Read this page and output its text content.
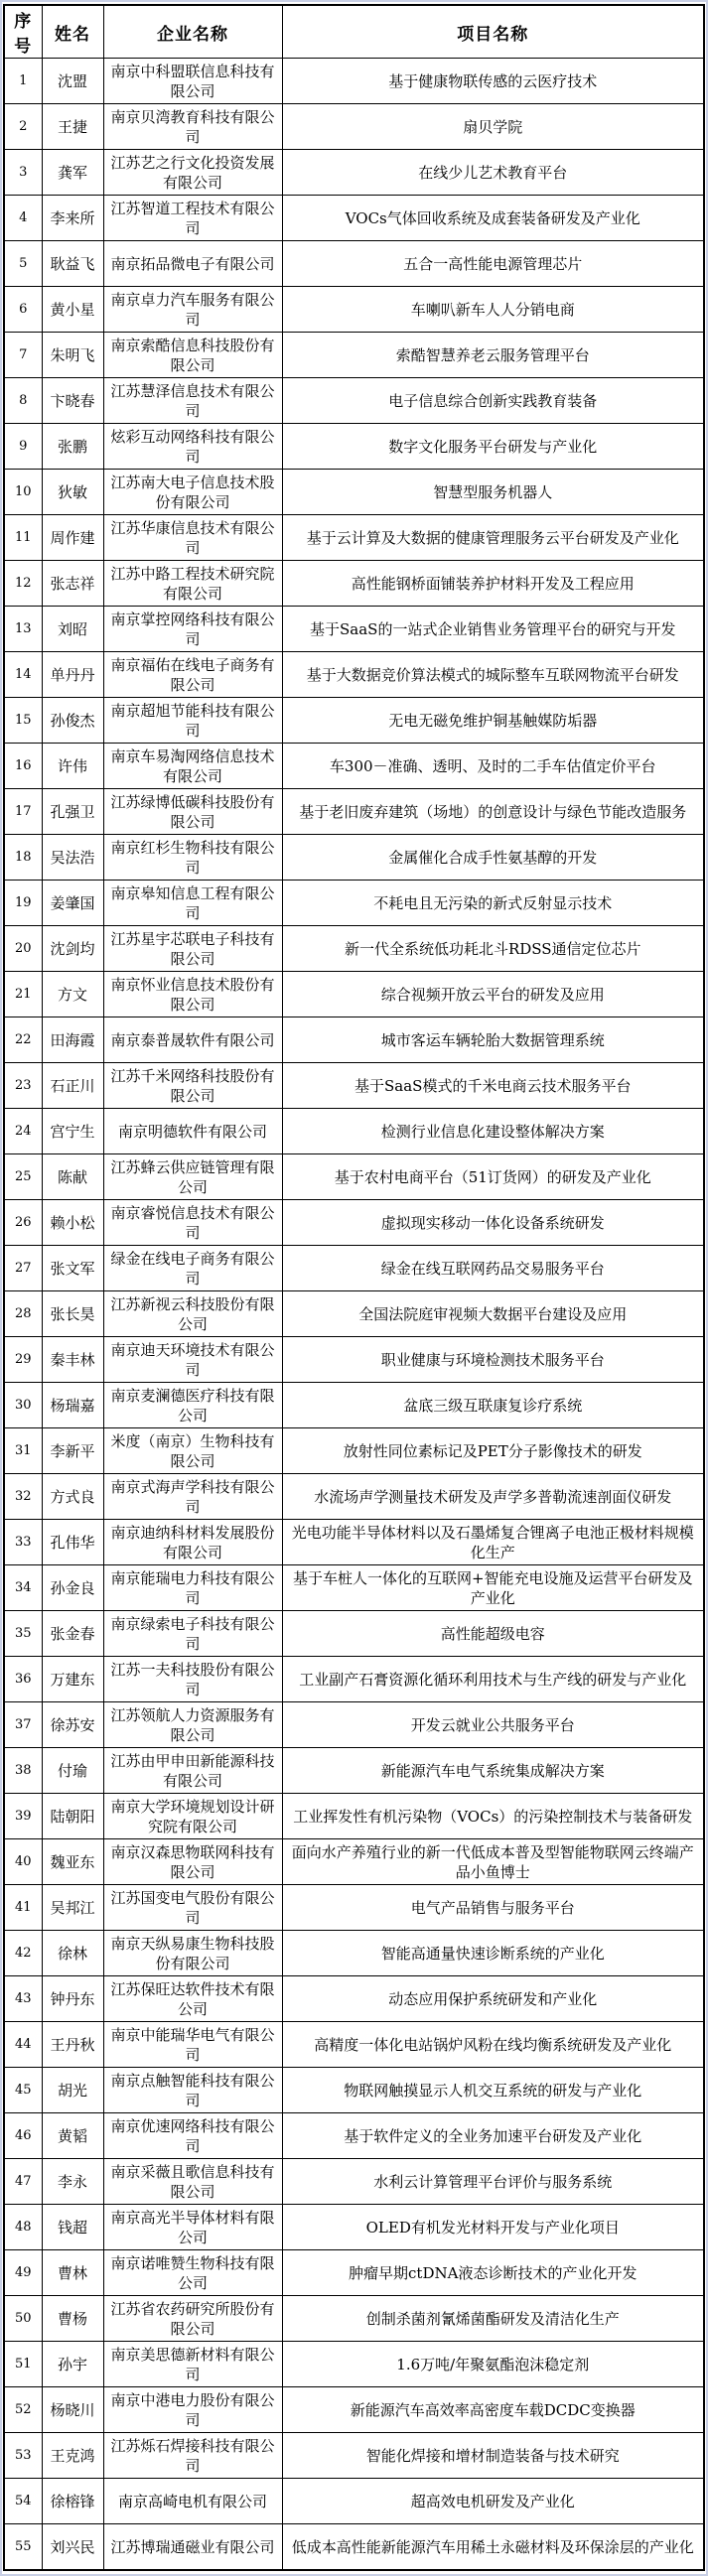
序号	姓名	企业名称	项目名称
1	沈盟	南京中科盟联信息科技有限公司	基于健康物联传感的云医疗技术
2	王捷	南京贝湾教育科技有限公司	扇贝学院
3	龚军	江苏艺之行文化投资发展有限公司	在线少儿艺术教育平台
4	李来所	江苏智道工程技术有限公司	VOCs气体回收系统及成套装备研发及产业化
5	耿益飞	南京拓品微电子有限公司	五合一高性能电源管理芯片
6	黄小星	南京卓力汽车服务有限公司	车喇叭新车人人分销电商
7	朱明飞	南京索酷信息科技股份有限公司	索酷智慧养老云服务管理平台
8	卞晓春	江苏慧泽信息技术有限公司	电子信息综合创新实践教育装备
9	张鹏	炫彩互动网络科技有限公司	数字文化服务平台研发与产业化
10	狄敏	江苏南大电子信息技术股份有限公司	智慧型服务机器人
11	周作建	江苏华康信息技术有限公司	基于云计算及大数据的健康管理服务云平台研发及产业化
12	张志祥	江苏中路工程技术研究院有限公司	高性能钢桥面铺装养护材料开发及工程应用
13	刘昭	南京掌控网络科技有限公司	基于SaaS的一站式企业销售业务管理平台的研究与开发
14	单丹丹	南京福佑在线电子商务有限公司	基于大数据竞价算法模式的城际整车互联网物流平台研发
15	孙俊杰	南京超旭节能科技有限公司	无电无磁免维护铜基触媒防垢器
16	许伟	南京车易淘网络信息技术有限公司	车300－准确、透明、及时的二手车估值定价平台
17	孔强卫	江苏绿博低碳科技股份有限公司	基于老旧废弃建筑（场地）的创意设计与绿色节能改造服务
18	吴法浩	南京红杉生物科技有限公司	金属催化合成手性氨基醇的开发
19	姜肇国	南京皋知信息工程有限公司	不耗电且无污染的新式反射显示技术
20	沈剑均	江苏星宇芯联电子科技有限公司	新一代全系统低功耗北斗RDSS通信定位芯片
21	方文	南京怀业信息技术股份有限公司	综合视频开放云平台的研发及应用
22	田海霞	南京泰普晟软件有限公司	城市客运车辆轮胎大数据管理系统
23	石正川	江苏千米网络科技股份有限公司	基于SaaS模式的千米电商云技术服务平台
24	宫宁生	南京明德软件有限公司	检测行业信息化建设整体解决方案
25	陈献	江苏蜂云供应链管理有限公司	基于农村电商平台（51订货网）的研发及产业化
26	赖小松	南京睿悦信息技术有限公司	虚拟现实移动一体化设备系统研发
27	张文军	绿金在线电子商务有限公司	绿金在线互联网药品交易服务平台
28	张长昊	江苏新视云科技股份有限公司	全国法院庭审视频大数据平台建设及应用
29	秦丰林	南京迪天环境技术有限公司	职业健康与环境检测技术服务平台
30	杨瑞嘉	南京麦澜德医疗科技有限公司	盆底三级互联康复诊疗系统
31	李新平	米度（南京）生物科技有限公司	放射性同位素标记及PET分子影像技术的研发
32	方式良	南京式海声学科技有限公司	水流场声学测量技术研发及声学多普勒流速剖面仪研发
33	孔伟华	南京迪纳科材料发展股份有限公司	光电功能半导体材料以及石墨烯复合锂离子电池正极材料规模化生产
34	孙金良	南京能瑞电力科技有限公司	基于车桩人一体化的互联网+智能充电设施及运营平台研发及产业化
35	张金春	南京绿索电子科技有限公司	高性能超级电容
36	万建东	江苏一夫科技股份有限公司	工业副产石膏资源化循环利用技术与生产线的研发与产业化
37	徐苏安	江苏领航人力资源服务有限公司	开发云就业公共服务平台
38	付瑜	江苏由甲申田新能源科技有限公司	新能源汽车电气系统集成解决方案
39	陆朝阳	南京大学环境规划设计研究院有限公司	工业挥发性有机污染物（VOCs）的污染控制技术与装备研发
40	魏亚东	南京汉森思物联网科技有限公司	面向水产养殖行业的新一代低成本普及型智能物联网云终端产品小鱼博士
41	吴邦江	江苏国变电气股份有限公司	电气产品销售与服务平台
42	徐林	南京天纵易康生物科技股份有限公司	智能高通量快速诊断系统的产业化
43	钟丹东	江苏保旺达软件技术有限公司	动态应用保护系统研发和产业化
44	王丹秋	南京中能瑞华电气有限公司	高精度一体化电站锅炉风粉在线均衡系统研发及产业化
45	胡光	南京点触智能科技有限公司	物联网触摸显示人机交互系统的研发与产业化
46	黄韬	南京优速网络科技有限公司	基于软件定义的全业务加速平台研发及产业化
47	李永	南京采薇且歌信息科技有限公司	水利云计算管理平台评价与服务系统
48	钱超	南京高光半导体材料有限公司	OLED有机发光材料开发与产业化项目
49	曹林	南京诺唯赞生物科技有限公司	肿瘤早期ctDNA液态诊断技术的产业化开发
50	曹杨	江苏省农药研究所股份有限公司	创制杀菌剂氰烯菌酯研发及清洁化生产
51	孙宇	南京美思德新材料有限公司	1.6万吨/年聚氨酯泡沫稳定剂
52	杨晓川	南京中港电力股份有限公司	新能源汽车高效率高密度车载DCDC变换器
53	王克鸿	江苏烁石焊接科技有限公司	智能化焊接和增材制造装备与技术研究
54	徐榕锋	南京高崎电机有限公司	超高效电机研发及产业化
55	刘兴民	江苏博瑞通磁业有限公司	低成本高性能新能源汽车用稀土永磁材料及环保涂层的产业化
